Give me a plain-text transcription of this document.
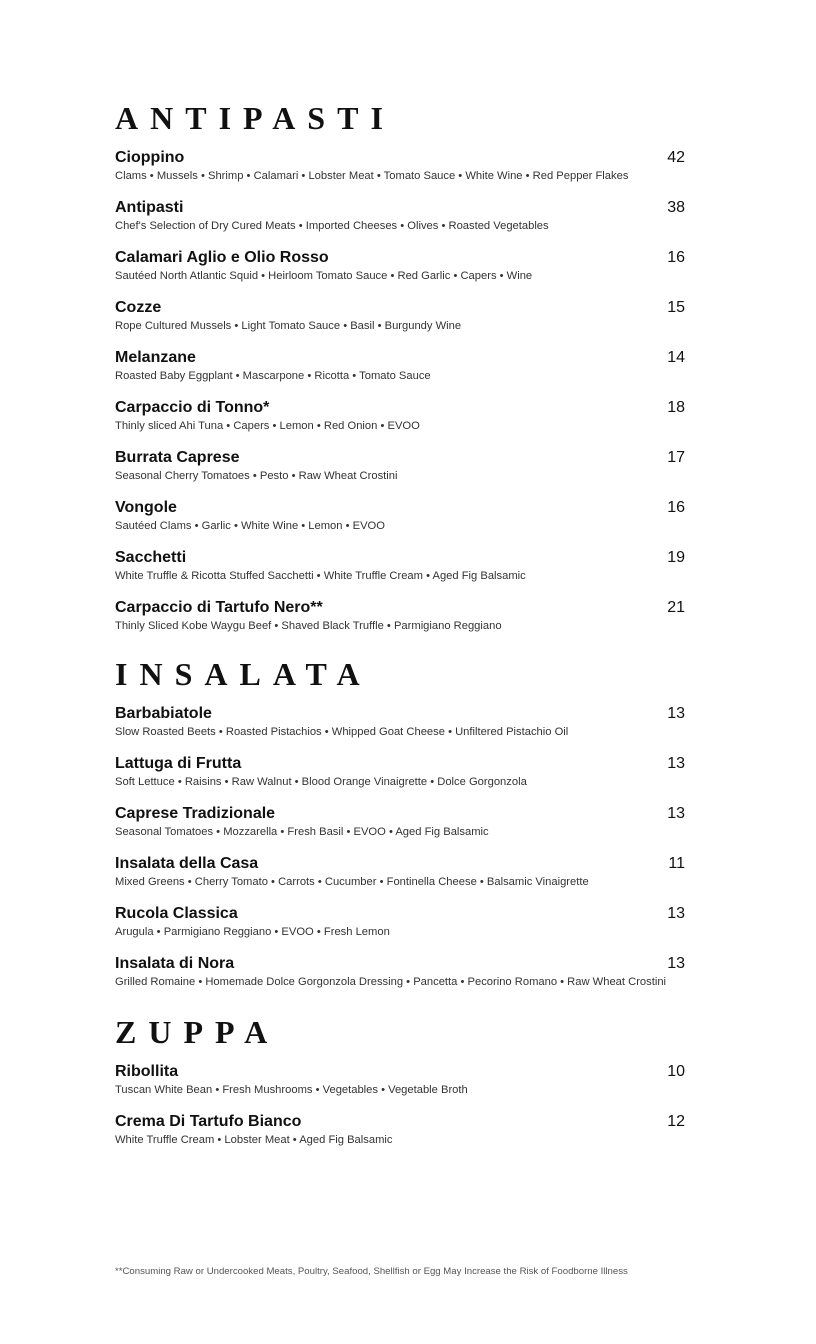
ANTIPASTI
Cioppino	42
Clams • Mussels • Shrimp • Calamari • Lobster Meat • Tomato Sauce • White Wine • Red Pepper Flakes
Antipasti	38
Chef's Selection of Dry Cured Meats • Imported Cheeses • Olives • Roasted Vegetables
Calamari Aglio e Olio Rosso	16
Sautéed North Atlantic Squid • Heirloom Tomato Sauce • Red Garlic • Capers • Wine
Cozze	15
Rope Cultured Mussels • Light Tomato Sauce • Basil • Burgundy Wine
Melanzane	14
Roasted Baby Eggplant • Mascarpone • Ricotta • Tomato Sauce
Carpaccio di Tonno*	18
Thinly sliced Ahi Tuna • Capers • Lemon • Red Onion • EVOO
Burrata Caprese	17
Seasonal Cherry Tomatoes • Pesto • Raw Wheat Crostini
Vongole	16
Sautéed Clams • Garlic • White Wine • Lemon • EVOO
Sacchetti	19
White Truffle & Ricotta Stuffed Sacchetti • White Truffle Cream • Aged Fig Balsamic
Carpaccio di Tartufo Nero**	21
Thinly Sliced Kobe Waygu Beef • Shaved Black Truffle • Parmigiano Reggiano
INSALATA
Barbabiatole	13
Slow Roasted Beets • Roasted Pistachios • Whipped Goat Cheese • Unfiltered Pistachio Oil
Lattuga di Frutta	13
Soft Lettuce • Raisins • Raw Walnut • Blood Orange Vinaigrette • Dolce Gorgonzola
Caprese Tradizionale	13
Seasonal Tomatoes • Mozzarella • Fresh Basil • EVOO • Aged Fig Balsamic
Insalata della Casa	11
Mixed Greens • Cherry Tomato • Carrots • Cucumber • Fontinella Cheese • Balsamic Vinaigrette
Rucola Classica	13
Arugula • Parmigiano Reggiano • EVOO • Fresh Lemon
Insalata di Nora	13
Grilled Romaine • Homemade Dolce Gorgonzola Dressing • Pancetta • Pecorino Romano • Raw Wheat Crostini
ZUPPA
Ribollita	10
Tuscan White Bean • Fresh Mushrooms • Vegetables • Vegetable Broth
Crema Di Tartufo Bianco	12
White Truffle Cream • Lobster Meat • Aged Fig Balsamic
**Consuming Raw or Undercooked Meats, Poultry, Seafood, Shellfish or Egg May Increase the Risk of Foodborne Illness
